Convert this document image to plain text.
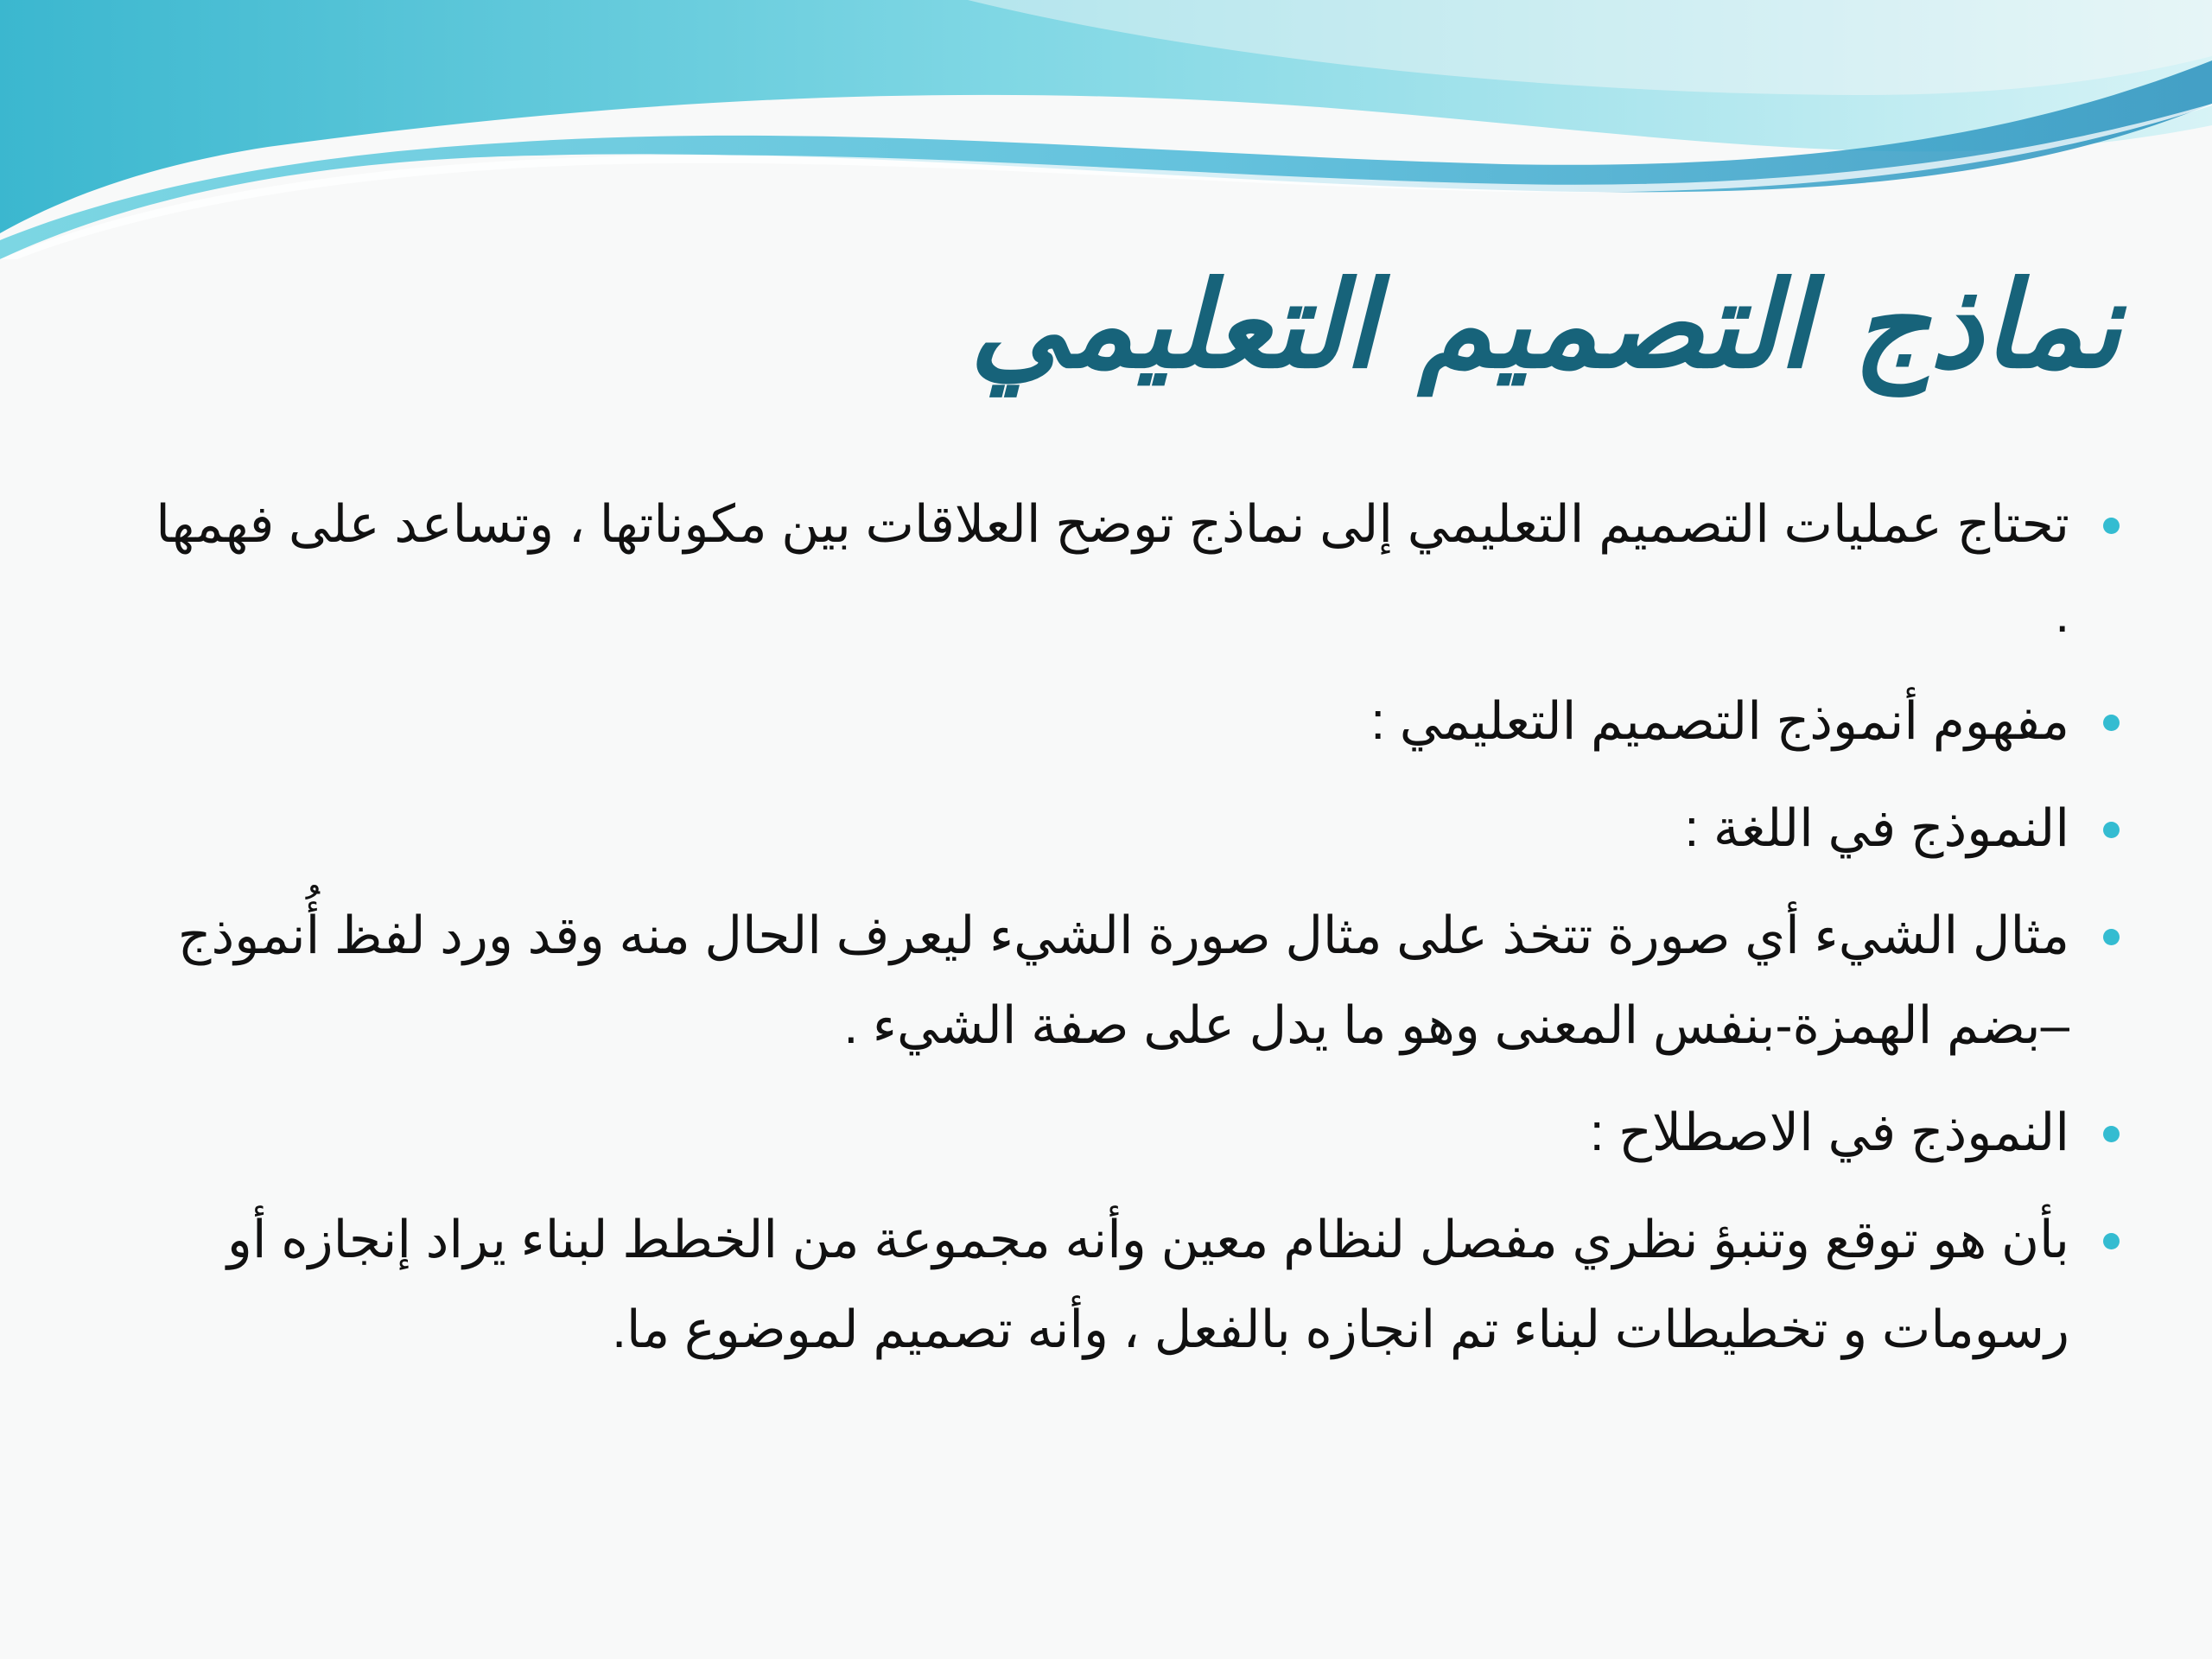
نماذج التصميم التعليمي
تحتاج عمليات التصميم التعليمي إلى نماذج توضح العلاقات بين مكوناتها ، وتساعد على فهمها .
مفهوم أنموذج التصميم التعليمي :
النموذج في اللغة :
مثال الشيء أي صورة تتخذ على مثال صورة الشيء ليعرف الحال منه وقد ورد لفظ أُنموذج –بضم الهمزة-بنفس المعنى وهو ما يدل على صفة الشيء .
النموذج في الاصطلاح :
بأن هو توقع وتنبؤ نظري مفصل لنظام معين وأنه مجموعة من الخطط لبناء يراد إنجازه أو رسومات و تخطيطات لبناء تم انجازه بالفعل ، وأنه تصميم لموضوع ما.
